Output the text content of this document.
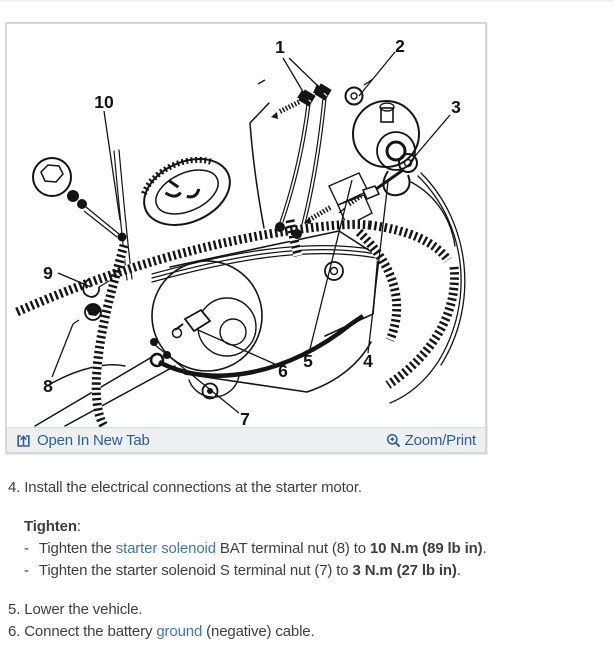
1	2
3
4
5
6
7
8
9
10
Open In New Tab	Zoom/Print
4. Install the electrical connections at the starter motor.
Tighten:
- Tighten the starter solenoid BAT terminal nut (8) to 10 N.m (89 lb in).
- Tighten the starter solenoid S terminal nut (7) to 3 N.m (27 lb in).
5. Lower the vehicle.
6. Connect the battery ground (negative) cable.
